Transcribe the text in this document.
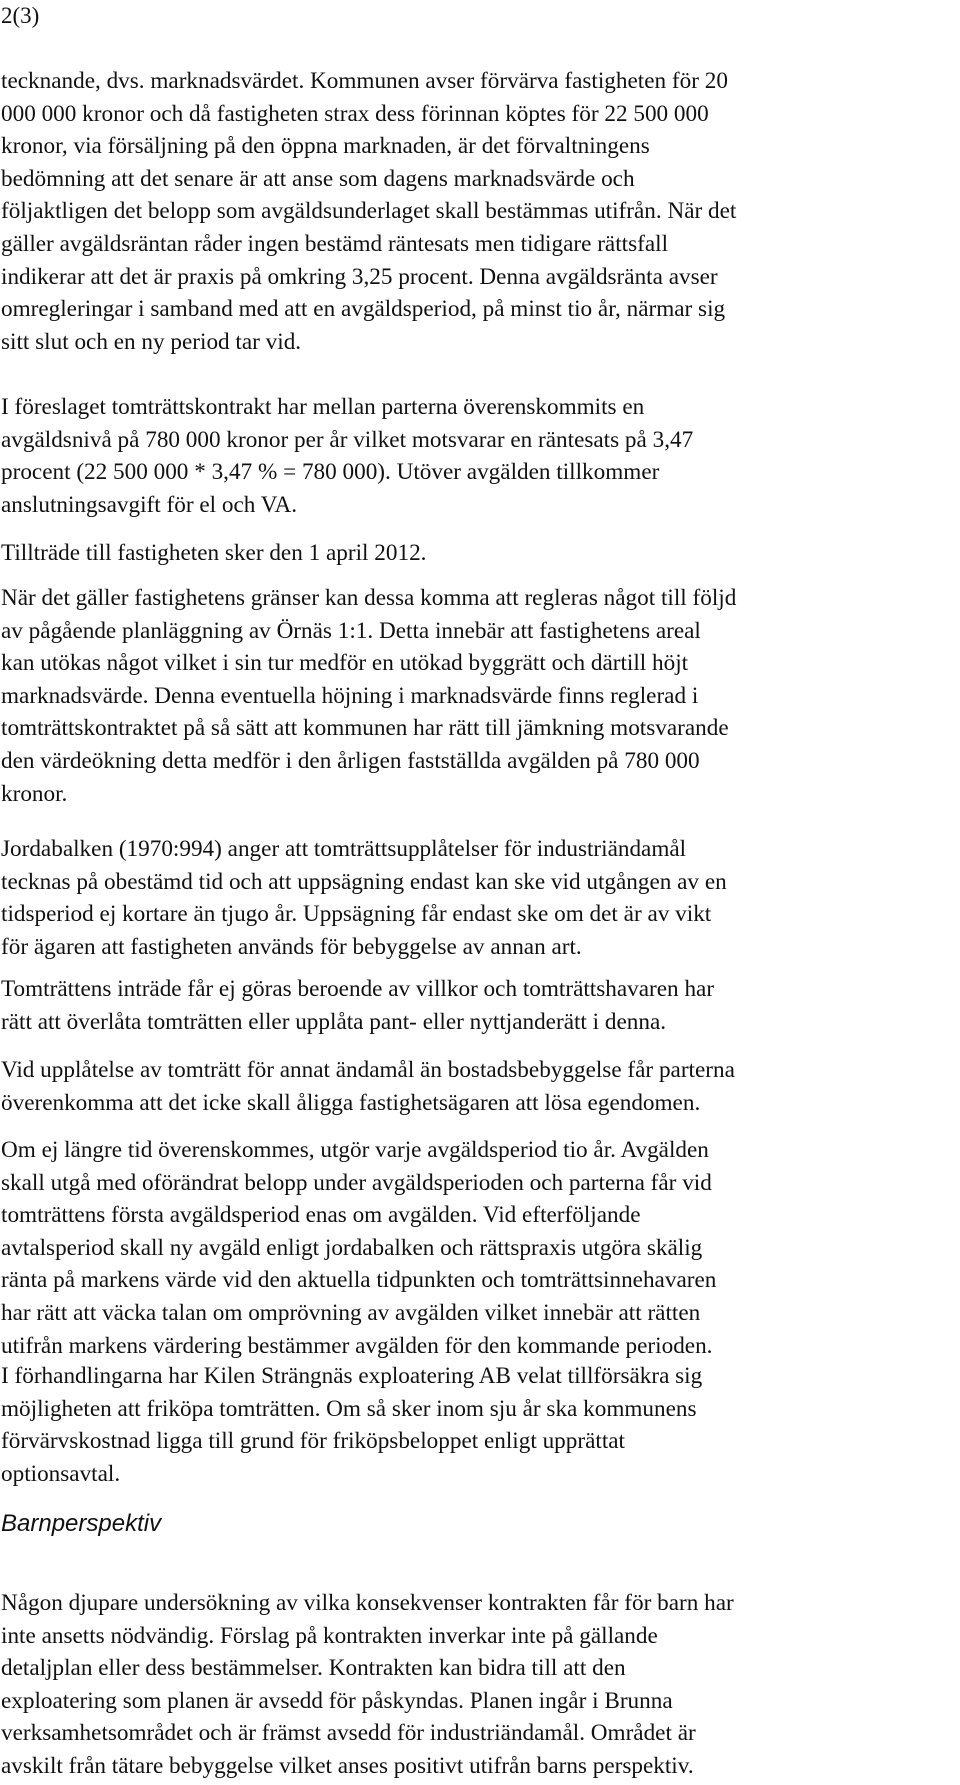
2(3)
tecknande, dvs. marknadsvärdet. Kommunen avser förvärva fastigheten för 20
000 000 kronor och då fastigheten strax dess förinnan köptes för 22 500 000
kronor, via försäljning på den öppna marknaden, är det förvaltningens
bedömning att det senare är att anse som dagens marknadsvärde och
följaktligen det belopp som avgäldsunderlaget skall bestämmas utifrån. När det
gäller avgäldsräntan råder ingen bestämd räntesats men tidigare rättsfall
indikerar att det är praxis på omkring 3,25 procent. Denna avgäldsränta avser
omregleringar i samband med att en avgäldsperiod, på minst tio år, närmar sig
sitt slut och en ny period tar vid.
I föreslaget tomträttskontrakt har mellan parterna överenskommits en
avgäldsnivå på 780 000 kronor per år vilket motsvarar en räntesats på 3,47
procent (22 500 000 * 3,47 % = 780 000). Utöver avgälden tillkommer
anslutningsavgift för el och VA.
Tillträde till fastigheten sker den 1 april 2012.
När det gäller fastighetens gränser kan dessa komma att regleras något till följd
av pågående planläggning av Örnäs 1:1. Detta innebär att fastighetens areal
kan utökas något vilket i sin tur medför en utökad byggrätt och därtill höjt
marknadsvärde. Denna eventuella höjning i marknadsvärde finns reglerad i
tomträttskontraktet på så sätt att kommunen har rätt till jämkning motsvarande
den värdeökning detta medför i den årligen fastställda avgälden på 780 000
kronor.
Jordabalken (1970:994) anger att tomträttsupplåtelser för industriändamål
tecknas på obestämd tid och att uppsägning endast kan ske vid utgången av en
tidsperiod ej kortare än tjugo år. Uppsägning får endast ske om det är av vikt
för ägaren att fastigheten används för bebyggelse av annan art.
Tomträttens inträde får ej göras beroende av villkor och tomträttshavaren har
rätt att överlåta tomträtten eller upplåta pant- eller nyttjanderätt i denna.
Vid upplåtelse av tomträtt för annat ändamål än bostadsbebyggelse får parterna
överenkomma att det icke skall åligga fastighetsägaren att lösa egendomen.
Om ej längre tid överenskommes, utgör varje avgäldsperiod tio år. Avgälden
skall utgå med oförändrat belopp under avgäldsperioden och parterna får vid
tomträttens första avgäldsperiod enas om avgälden. Vid efterföljande
avtalsperiod skall ny avgäld enligt jordabalken och rättspraxis utgöra skälig
ränta på markens värde vid den aktuella tidpunkten och tomträttsinnehavaren
har rätt att väcka talan om omprövning av avgälden vilket innebär att rätten
utifrån markens värdering bestämmer avgälden för den kommande perioden.
I förhandlingarna har Kilen Strängnäs exploatering AB velat tillförsäkra sig
möjligheten att friköpa tomträtten. Om så sker inom sju år ska kommunens
förvärvskostnad ligga till grund för friköpsbeloppet enligt upprättat
optionsavtal.
Barnperspektiv
Någon djupare undersökning av vilka konsekvenser kontrakten får för barn har
inte ansetts nödvändig. Förslag på kontrakten inverkar inte på gällande
detaljplan eller dess bestämmelser. Kontrakten kan bidra till att den
exploatering som planen är avsedd för påskyndas. Planen ingår i Brunna
verksamhetsområdet och är främst avsedd för industriändamål. Området är
avskilt från tätare bebyggelse vilket anses positivt utifrån barns perspektiv.
